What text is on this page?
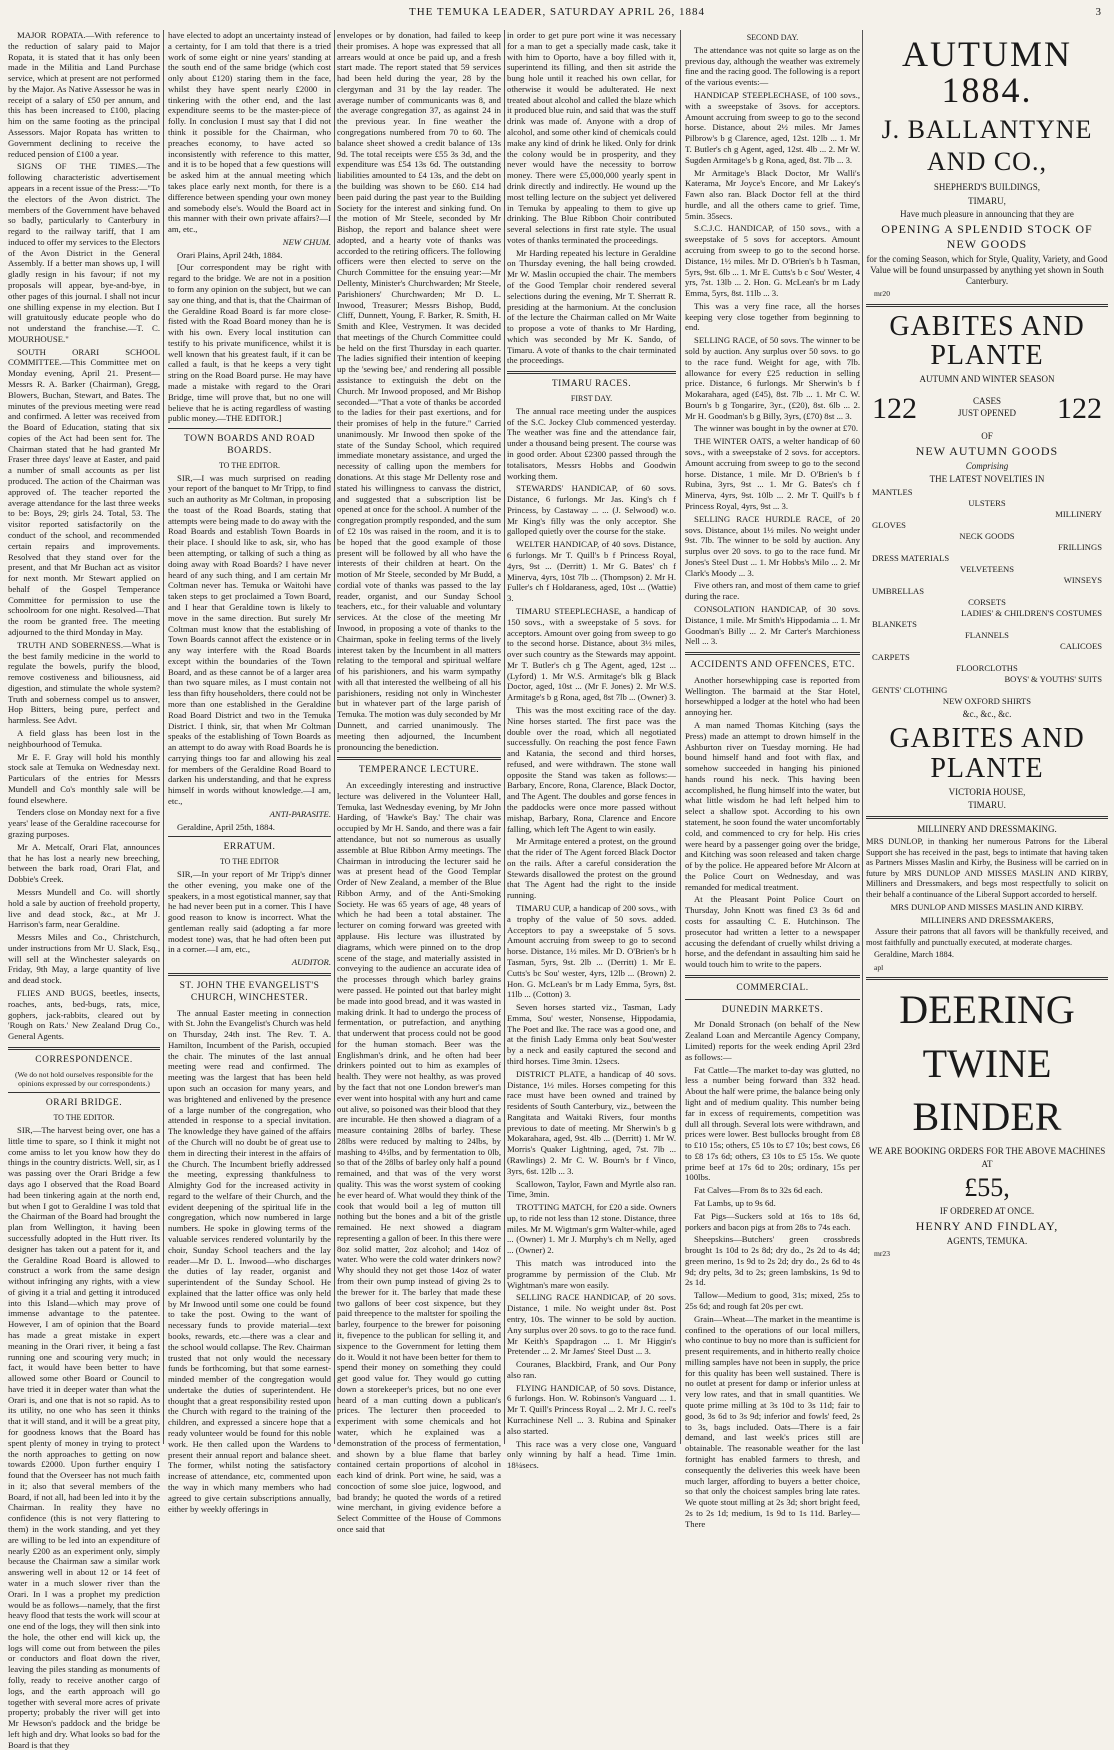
THE TEMUKA LEADER, SATURDAY APRIL 26, 1884	3

MAJOR ROPATA.—With reference to the reduction of salary paid to Major Ropata, it is stated that it has only been made in the Militia and Land Purchase service, which at present are not performed by the Major. As Native Assessor he was in receipt of a salary of £50 per annum, and this has been increased to £100, placing him on the same footing as the principal Assessors. Major Ropata has written to Government declining to receive the reduced pension of £100 a year.

SIGNS OF THE TIMES.—The following characteristic advertisement appears in a recent issue of the Press:—"To the electors of the Avon district. The members of the Government have behaved so badly, particularly to Canterbury in regard to the railway tariff, that I am induced to offer my services to the Electors of the Avon District in the General Assembly. If a better man shows up, I will gladly resign in his favour; if not my proposals will appear, bye-and-bye, in other pages of this journal. I shall not incur one shilling expense in my election. But I will gratuitously educate people who do not understand the franchise.—T. C. MOURHOUSE."

SOUTH ORARI SCHOOL COMMITTEE.—This Committee met on Monday evening, April 21. Present—Messrs R. A. Barker (Chairman), Gregg, Blowers, Buchan, Stewart, and Bates. The minutes of the previous meeting were read and confirmed. A letter was received from the Board of Education, stating that six copies of the Act had been sent for. The Chairman stated that he had granted Mr Fraser three days' leave at Easter, and paid a number of small accounts as per list produced. The action of the Chairman was approved of. The teacher reported the average attendance for the last three weeks to be: Boys, 29; girls 24. Total, 53. The visitor reported satisfactorily on the conduct of the school, and recommended certain repairs and improvements. Resolved that they stand over for the present, and that Mr Buchan act as visitor for next month. Mr Stewart applied on behalf of the Gospel Temperance Committee for permission to use the schoolroom for one night. Resolved—That the room be granted free. The meeting adjourned to the third Monday in May.

TRUTH AND SOBERNESS.—What is the best family medicine in the world to regulate the bowels, purify the blood, remove costiveness and biliousness, aid digestion, and stimulate the whole system? Truth and soberness compel us to answer, Hop Bitters, being pure, perfect and harmless. See Advt.

A field glass has been lost in the neighbourhood of Temuka.

Mr E. F. Gray will hold his monthly stock sale at Temuka on Wednesday next. Particulars of the entries for Messrs Mundell and Co's monthly sale will be found elsewhere.

Tenders close on Monday next for a five years' lease of the Geraldine racecourse for grazing purposes.

Mr A. Metcalf, Orari Flat, announces that he has lost a nearly new breeching, between the bark road, Orari Flat, and Dobbie's Creek.

Messrs Mundell and Co. will shortly hold a sale by auction of freehold property, live and dead stock, &c., at Mr J. Harrison's farm, near Geraldine.

Messrs Miles and Co., Christchurch, under instructions from Mr U. Slack, Esq., will sell at the Winchester saleyards on Friday, 9th May, a large quantity of live and dead stock.

FLIES AND BUGS, beetles, insects, roaches, ants, bed-bugs, rats, mice, gophers, jack-rabbits, cleared out by 'Rough on Rats.' New Zealand Drug Co., General Agents.

CORRESPONDENCE.

(We do not hold ourselves responsible for the opinions expressed by our correspondents.)

ORARI BRIDGE.
TO THE EDITOR.

SIR,—The harvest being over, one has a little time to spare, so I think it might not come amiss to let you know how they do things in the country districts. Well, sir, as I was passing over the Orari Bridge a few days ago I observed that the Road Board had been tinkering again at the north end, but when I got to Geraldine I was told that the Chairman of the Board had brought the plan from Wellington, it having been successfully adopted in the Hutt river. Its designer has taken out a patent for it, and the Geraldine Road Board is allowed to construct a work from the same design without infringing any rights, with a view of giving it a trial and getting it introduced into this Island—which may prove of immense advantage to the patentee. However, I am of opinion that the Board has made a great mistake in expert meaning in the Orari river, it being a fast running one and scouring very much; in fact, it would have been better to have allowed some other Board or Council to have tried it in deeper water than what the Orari is, and one that is not so rapid. As to its utility, no one who has seen it thinks that it will stand, and it will be a great pity, for goodness knows that the Board has spent plenty of money in trying to protect the north approaches to getting on now towards £2000. Upon further enquiry I found that the Overseer has not much faith in it; also that several members of the Board, if not all, had been led into it by the Chairman. In reality they have no confidence (this is not very flattering to them) in the work standing, and yet they are willing to be led into an expenditure of nearly £200 as an experiment only, simply because the Chairman saw a similar work answering well in about 12 or 14 feet of water in a much slower river than the Orari. In I was a prophet my prediction would be as follows—namely, that the first heavy flood that tests the work will scour at one end of the logs, they will then sink into the hole, the other end will kick up, the logs will come out from between the piles or conductors and float down the river, leaving the piles standing as monuments of folly, ready to receive another cargo of logs, and the earth approach will go together with several more acres of private property; probably the river will get into Mr Hewson's paddock and the bridge be left high and dry. What looks so bad for the Board is that they

have elected to adopt an uncertainty instead of a certainty, for I am told that there is a tried work of some eight or nine years' standing at the south end of the same bridge (which cost only about £120) staring them in the face, whilst they have spent nearly £2000 in tinkering with the other end, and the last expenditure seems to be the master-piece of folly. In conclusion I must say that I did not think it possible for the Chairman, who preaches economy, to have acted so inconsistently with reference to this matter, and it is to be hoped that a few questions will be asked him at the annual meeting which takes place early next month, for there is a difference between spending your own money and somebody else's. Would the Board act in this manner with their own private affairs?—I am, etc.,

NEW CHUM.

Orari Plains, April 24th, 1884.

[Our correspondent may be right with regard to the bridge. We are not in a position to form any opinion on the subject, but we can say one thing, and that is, that the Chairman of the Geraldine Road Board is far more close-fisted with the Road Board money than he is with his own. Every local institution can testify to his private munificence, whilst it is well known that his greatest fault, if it can be called a fault, is that he keeps a very tight string on the Road Board purse. He may have made a mistake with regard to the Orari Bridge, time will prove that, but no one will believe that he is acting regardless of wasting public money.—THE EDITOR.]

TOWN BOARDS AND ROAD BOARDS.
TO THE EDITOR.

SIR,—I was much surprised on reading your report of the banquet to Mr Tripp, to find such an authority as Mr Coltman, in proposing the toast of the Road Boards, stating that attempts were being made to do away with the Road Boards and establish Town Boards in their place. I should like to ask, sir, who has been attempting, or talking of such a thing as doing away with Road Boards? I have never heard of any such thing, and I am certain Mr Coltman never has. Temuka or Waitohi have taken steps to get proclaimed a Town Board, and I hear that Geraldine town is likely to move in the same direction. But surely Mr Coltman must know that the establishing of Town Boards cannot affect the existence or in any way interfere with the Road Boards except within the boundaries of the Town Board, and as these cannot be of a larger area than two square miles, as I must contain not less than fifty householders, there could not be more than one established in the Geraldine Road Board District and two in the Temuka District. I think, sir, that when Mr Coltman speaks of the establishing of Town Boards as an attempt to do away with Road Boards he is carrying things too far and allowing his zeal for members of the Geraldine Road Board to darken his understanding, and that he express himself in words without knowledge.—I am, etc.,

ANTI-PARASITE.

Geraldine, April 25th, 1884.

ERRATUM.
TO THE EDITOR

SIR,—In your report of Mr Tripp's dinner the other evening, you make one of the speakers, in a most egotistical manner, say that he had never been put in a corner. This I have good reason to know is incorrect. What the gentleman really said (adopting a far more modest tone) was, that he had often been put in a corner.—I am, etc.,

AUDITOR.

ST. JOHN THE EVANGELIST'S CHURCH, WINCHESTER.

The annual Easter meeting in connection with St. John the Evangelist's Church was held on Thursday, 24th inst. The Rev. T. A. Hamilton, Incumbent of the Parish, occupied the chair. The minutes of the last annual meeting were read and confirmed. The meeting was the largest that has been held upon such an occasion for many years, and was brightened and enlivened by the presence of a large number of the congregation, who attended in response to a special invitation. The knowledge they have gained of the affairs of the Church will no doubt be of great use to them in directing their interest in the affairs of the Church. The Incumbent briefly addressed the meeting, expressing thankfulness to Almighty God for the increased activity in regard to the welfare of their Church, and the evident deepening of the spiritual life in the congregation, which now numbered in large numbers. He spoke in glowing terms of the valuable services rendered voluntarily by the choir, Sunday School teachers and the lay reader—Mr D. L. Inwood—who discharges the duties of lay reader, organist and superintendent of the Sunday School. He explained that the latter office was only held by Mr Inwood until some one could be found to take the post. Owing to the want of necessary funds to provide material—text books, rewards, etc.—there was a clear and the school would collapse. The Rev. Chairman trusted that not only would the necessary funds be forthcoming, but that some earnest-minded member of the congregation would undertake the duties of superintendent. He thought that a great responsibility rested upon the Church with regard to the training of the children, and expressed a sincere hope that a ready volunteer would be found for this noble work. He then called upon the Wardens to present their annual report and balance sheet. The former, whilst noting the satisfactory increase of attendance, etc, commented upon the way in which many members who had agreed to give certain subscriptions annually, either by weekly offerings in

envelopes or by donation, had failed to keep their promises. A hope was expressed that all arrears would at once be paid up, and a fresh start made. The report stated that 59 services had been held during the year, 28 by the clergyman and 31 by the lay reader. The average number of communicants was 8, and the average congregation 37, as against 24 in the previous year. In fine weather the congregations numbered from 70 to 60. The balance sheet showed a credit balance of 13s 9d. The total receipts were £55 3s 3d, and the expenditure was £54 13s 6d. The outstanding liabilities amounted to £4 13s, and the debt on the building was shown to be £60. £14 had been paid during the past year to the Building Society for the interest and sinking fund. On the motion of Mr Steele, seconded by Mr Bishop, the report and balance sheet were adopted, and a hearty vote of thanks was accorded to the retiring officers. The following officers were then elected to serve on the Church Committee for the ensuing year:—Mr Dellenty, Minister's Churchwarden; Mr Steele, Parishioners' Churchwarden; Mr D. L. Inwood, Treasurer; Messrs Bishop, Budd, Cliff, Dunnett, Young, F. Barker, R. Smith, H. Smith and Klee, Vestrymen. It was decided that meetings of the Church Committee could be held on the first Thursday in each quarter. The ladies signified their intention of keeping up the 'sewing bee,' and rendering all possible assistance to extinguish the debt on the Church. Mr Inwood proposed, and Mr Bishop seconded—"That a vote of thanks be accorded to the ladies for their past exertions, and for their promises of help in the future." Carried unanimously. Mr Inwood then spoke of the state of the Sunday School, which required immediate monetary assistance, and urged the necessity of calling upon the members for donations. At this stage Mr Dellenty rose and stated his willingness to canvass the district, and suggested that a subscription list be opened at once for the school. A number of the congregation promptly responded, and the sum of £2 10s was raised in the room, and it is to be hoped that the good example of those present will be followed by all who have the interests of their children at heart. On the motion of Mr Steele, seconded by Mr Budd, a cordial vote of thanks was passed to the lay reader, organist, and our Sunday School teachers, etc., for their valuable and voluntary services. At the close of the meeting Mr Inwood, in proposing a vote of thanks to the Chairman, spoke in feeling terms of the lively interest taken by the Incumbent in all matters relating to the temporal and spiritual welfare of his parishioners, and his warm sympathy with all that interested the wellbeing of all his parishioners, residing not only in Winchester but in whatever part of the large parish of Temuka. The motion was duly seconded by Mr Dunnett, and carried unanimously. The meeting then adjourned, the Incumbent pronouncing the benediction.

TEMPERANCE LECTURE.

An exceedingly interesting and instructive lecture was delivered in the Volunteer Hall, Temuka, last Wednesday evening, by Mr John Harding, of 'Hawke's Bay.' The chair was occupied by Mr H. Sando, and there was a fair attendance, but not so numerous as usually assemble at Blue Ribbon Army meetings. The Chairman in introducing the lecturer said he was at present head of the Good Templar Order of New Zealand, a member of the Blue Ribbon Army, and of the Anti-Smoking Society. He was 65 years of age, 48 years of which he had been a total abstainer. The lecturer on coming forward was greeted with applause. His lecture was illustrated by diagrams, which were pinned on to the drop scene of the stage, and materially assisted in conveying to the audience an accurate idea of the processes through which barley grains were passed. He pointed out that barley might be made into good bread, and it was wasted in making drink. It had to undergo the process of fermentation, or putrefaction, and anything that underwent that process could not be good for the human stomach. Beer was the Englishman's drink, and he often had beer drinkers pointed out to him as examples of health. They were not healthy, as was proved by the fact that not one London brewer's man ever went into hospital with any hurt and came out alive, so poisoned was their blood that they are incurable. He then showed a diagram of a measure containing 28lbs of barley. These 28lbs were reduced by malting to 24lbs, by mashing to 4½lbs, and by fermentation to 0lb, so that of the 28lbs of barley only half a pound remained, and that was of the very worst quality. This was the worst system of cooking he ever heard of. What would they think of the cook that would boil a leg of mutton till nothing but the bones and a bit of the gristle remained. He next showed a diagram representing a gallon of beer. In this there were 8oz solid matter, 2oz alcohol; and 14oz of water. Who were the cold water drinkers now? Why should they not get those 14oz of water from their own pump instead of giving 2s to the brewer for it. The barley that made these two gallons of beer cost sixpence, but they paid threepence to the maltster for spoiling the barley, fourpence to the brewer for poisoning it, fivepence to the publican for selling it, and sixpence to the Government for letting them do it. Would it not have been better for them to spend their money on something they could get good value for. They would go cutting down a storekeeper's prices, but no one ever heard of a man cutting down a publican's prices. The lecturer then proceeded to experiment with some chemicals and hot water, which he explained was a demonstration of the process of fermentation, and shown by a blue flame that barley contained certain proportions of alcohol in each kind of drink. Port wine, he said, was a concoction of some sloe juice, logwood, and bad brandy; he quoted the words of a retired wine merchant, in giving evidence before a Select Committee of the House of Commons once said that

in order to get pure port wine it was necessary for a man to get a specially made cask, take it with him to Oporto, have a boy filled with it, superintend its filling, and then sit astride the bung hole until it reached his own cellar, for otherwise it would be adulterated. He next treated about alcohol and called the blaze which it produced blue ruin, and said that was the stuff drink was made of. Anyone with a drop of alcohol, and some other kind of chemicals could make any kind of drink he liked. Only for drink the colony would be in prosperity, and they never would have the necessity to borrow money. There were £5,000,000 yearly spent in drink directly and indirectly. He wound up the most telling lecture on the subject yet delivered in Temuka by appealing to them to give up drinking. The Blue Ribbon Choir contributed several selections in first rate style. The usual votes of thanks terminated the proceedings.

Mr Harding repeated his lecture in Geraldine on Thursday evening, the hall being crowded. Mr W. Maslin occupied the chair. The members of the Good Templar choir rendered several selections during the evening, Mr T. Sherratt R. presiding at the harmonium. At the conclusion of the lecture the Chairman called on Mr Waite to propose a vote of thanks to Mr Harding, which was seconded by Mr K. Sando, of Timaru. A vote of thanks to the chair terminated the proceedings.

TIMARU RACES.
FIRST DAY.

The annual race meeting under the auspices of the S.C. Jockey Club commenced yesterday. The weather was fine and the attendance fair, under a thousand being present. The course was in good order. About £2300 passed through the totalisators, Messrs Hobbs and Goodwin working them.

STEWARDS' HANDICAP, of 60 sovs. Distance, 6 furlongs. Mr Jas. King's ch f Princess, by Castaway ... ... (J. Selwood) w.o. Mr King's filly was the only acceptor. She galloped quietly over the course for the stake.

WELTER HANDICAP, of 40 sovs. Distance, 6 furlongs. Mr T. Quill's b f Princess Royal, 4yrs, 9st ... (Derritt) 1. Mr G. Bates' ch f Minerva, 4yrs, 10st 7lb ... (Thompson) 2. Mr H. Fuller's ch f Holdaraness, aged, 10st ... (Wattie) 3.

TIMARU STEEPLECHASE, a handicap of 150 sovs., with a sweepstake of 5 sovs. for acceptors. Amount over going from sweep to go to the second horse. Distance, about 3½ miles, over such country as the Stewards may appoint. Mr T. Butler's ch g The Agent, aged, 12st ... (Lyford) 1. Mr W.S. Armitage's blk g Black Doctor, aged, 10st ... (Mr F. Jones) 2. Mr W.S. Armitage's b g Rona, aged, 8st 7lb ... (Owner) 3.

This was the most exciting race of the day. Nine horses started. The first pace was the double over the road, which all negotiated successfully. On reaching the post fence Fawn and Katania, the second and third horses, refused, and were withdrawn. The stone wall opposite the Stand was taken as follows:—Barbary, Encore, Rona, Clarence, Black Doctor, and The Agent. The doubles and gorse fences in the paddocks were once more passed without mishap, Barbary, Rona, Clarence and Encore falling, which left The Agent to win easily.

Mr Armitage entered a protest, on the ground that the rider of The Agent forced Black Doctor on the rails. After a careful consideration the Stewards disallowed the protest on the ground that The Agent had the right to the inside running.

TIMARU CUP, a handicap of 200 sovs., with a trophy of the value of 50 sovs. added. Acceptors to pay a sweepstake of 5 sovs. Amount accruing from sweep to go to second horse. Distance, 1½ miles. Mr D. O'Brien's br h Tasman, 5yrs, 9st. 2lb ... (Derritt) 1. Mr E. Cutts's bc Sou' wester, 4yrs, 12lb ... (Brown) 2. Hon. G. McLean's br m Lady Emma, 5yrs, 8st. 11lb ... (Cotton) 3.

Seven horses started viz., Tasman, Lady Emma, Sou' wester, Nonsense, Hippodamia, The Poet and Ike. The race was a good one, and at the finish Lady Emma only beat Sou'wester by a neck and easily captured the second and third horses. Time 3min. 12secs.

DISTRICT PLATE, a handicap of 40 sovs. Distance, 1½ miles. Horses competing for this race must have been owned and trained by residents of South Canterbury, viz., between the Rangitata and Waitaki Rivers, four months previous to date of meeting. Mr Sherwin's b g Mokarahara, aged, 9st. 4lb ... (Derritt) 1. Mr W. Morris's Quaker Lightning, aged, 7st. 7lb ... (Rawlings) 2. Mr C. W. Bourn's br f Vinco, 3yrs, 6st. 12lb ... 3.

Scallowon, Taylor, Fawn and Myrtle also ran. Time, 3min.

TROTTING MATCH, for £20 a side. Owners up, to ride not less than 12 stone. Distance, three miles. Mr M. Wigtman's grm Walter-while, aged ... (Owner) 1. Mr J. Murphy's ch m Nelly, aged ... (Owner) 2.

This match was introduced into the programme by permission of the Club. Mr Wightman's mare won easily.

SELLING RACE HANDICAP, of 20 sovs. Distance, 1 mile. No weight under 8st. Post entry, 10s. The winner to be sold by auction. Any surplus over 20 sovs. to go to the race fund. Mr Keith's Spapdragon ... 1. Mr Higgin's Pretender ... 2. Mr James' Steel Dust ... 3.

Couranes, Blackbird, Frank, and Our Pony also ran.

FLYING HANDICAP, of 50 sovs. Distance, 6 furlongs. Hon. W. Robinson's Vanguard ... 1. Mr T. Quill's Princess Royal ... 2. Mr J. C. reel's Kurrachinese Nell ... 3. Rubina and Spinaker also started.

This race was a very close one, Vanguard only winning by half a head. Time 1min. 18¼secs.

SECOND DAY.

The attendance was not quite so large as on the previous day, although the weather was extremely fine and the racing good. The following is a report of the various events:—

HANDICAP STEEPLECHASE, of 100 sovs., with a sweepstake of 3sovs. for acceptors. Amount accruing from sweep to go to the second horse. Distance, about 2½ miles. Mr James Pilbrow's b g Clarence, aged, 12st. 12lb ... 1. Mr T. Butler's ch g Agent, aged, 12st. 4lb ... 2. Mr W. Sugden Armitage's b g Rona, aged, 8st. 7lb ... 3.

Mr Armitage's Black Doctor, Mr Walli's Katerama, Mr Joyce's Encore, and Mr Lakey's Fawn also ran. Black Doctor fell at the third hurdle, and all the others came to grief. Time, 5min. 35secs.

S.C.J.C. HANDICAP, of 150 sovs., with a sweepstake of 5 sovs for acceptors. Amount accruing from sweep to go to the second horse. Distance, 1½ miles. Mr D. O'Brien's b h Tasman, 5yrs, 9st. 6lb ... 1. Mr E. Cutts's b c Sou' Wester, 4 yrs, 7st. 13lb ... 2. Hon. G. McLean's br m Lady Emma, 5yrs, 8st. 11lb ... 3.

This was a very fine race, all the horses keeping very close together from beginning to end.

SELLING RACE, of 50 sovs. The winner to be sold by auction. Any surplus over 50 sovs. to go to the race fund. Weight for age, with 7lb. allowance for every £25 reduction in selling price. Distance, 6 furlongs. Mr Sherwin's b f Mokarahara, aged (£45), 8st. 7lb ... 1. Mr C. W. Bourn's b g Tongarire, 3yr., (£20), 8st. 6lb ... 2. Mr H. Goodman's b g Billy, 3yrs, (£70) 8st ... 3.

The winner was bought in by the owner at £70.

THE WINTER OATS, a welter handicap of 60 sovs., with a sweepstake of 2 sovs. for acceptors. Amount accruing from sweep to go to the second horse. Distance, 1 mile. Mr D. O'Brien's b f Rubina, 3yrs, 9st ... 1. Mr G. Bates's ch f Minerva, 4yrs, 9st. 10lb ... 2. Mr T. Quill's b f Princess Royal, 4yrs, 9st ... 3.

SELLING RACE HURDLE RACE, of 20 sovs. Distance, about 1½ miles. No weight under 9st. 7lb. The winner to be sold by auction. Any surplus over 20 sovs. to go to the race fund. Mr Jones's Steel Dust ... 1. Mr Hobbs's Milo ... 2. Mr Clark's Moody ... 3.

Five others ran, and most of them came to grief during the race.

CONSOLATION HANDICAP, of 30 sovs. Distance, 1 mile. Mr Smith's Hippodamia ... 1. Mr Goodman's Billy ... 2. Mr Carter's Marchioness Nell ... 3.

ACCIDENTS AND OFFENCES, ETC.

Another horsewhipping case is reported from Wellington. The barmaid at the Star Hotel, horsewhipped a lodger at the hotel who had been annoying her.

A man named Thomas Kitching (says the Press) made an attempt to drown himself in the Ashburton river on Tuesday morning. He had bound himself hand and foot with flax, and somehow succeeded in hanging his pinioned hands round his neck. This having been accomplished, he flung himself into the water, but what little wisdom he had left helped him to select a shallow spot. According to his own statement, he soon found the water uncomfortably cold, and commenced to cry for help. His cries were heard by a passenger going over the bridge, and Kitching was soon released and taken charge of by the police. He appeared before Mr Alcorn at the Police Court on Wednesday, and was remanded for medical treatment.

At the Pleasant Point Police Court on Thursday, John Knott was fined £3 3s 6d and costs for assaulting C. E. Hutchinson. The prosecutor had written a letter to a newspaper accusing the defendant of cruelly whilst driving a horse, and the defendant in assaulting him said he would touch him to write to the papers.

COMMERCIAL.
DUNEDIN MARKETS.

Mr Donald Stronach (on behalf of the New Zealand Loan and Mercantile Agency Company, Limited) reports for the week ending April 23rd as follows:—

Fat Cattle—The market to-day was glutted, no less a number being forward than 332 head. About the half were prime, the balance being only light and of medium quality. This number being far in excess of requirements, competition was dull all through. Several lots were withdrawn, and prices were lower. Best bullocks brought from £8 to £10 15s; others, £5 10s to £7 10s; best cows, £6 to £8 17s 6d; others, £3 10s to £5 15s. We quote prime beef at 17s 6d to 20s; ordinary, 15s per 100lbs.

Fat Calves—From 8s to 32s 6d each.

Fat Lambs, up to 9s 6d.

Fat Pigs—Suckers sold at 16s to 18s 6d, porkers and bacon pigs at from 28s to 74s each.

Sheepskins—Butchers' green crossbreds brought 1s 10d to 2s 8d; dry do., 2s 2d to 4s 4d; green merino, 1s 9d to 2s 2d; dry do., 2s 6d to 4s 9d; dry pelts, 3d to 2s; green lambskins, 1s 9d to 2s 1d.

Tallow—Medium to good, 31s; mixed, 25s to 25s 6d; and rough fat 20s per cwt.

Grain—Wheat—The market in the meantime is confined to the operations of our local millers, who continue to buy no more than is sufficient for present requirements, and in hitherto really choice milling samples have not been in supply, the price for this quality has been well sustained. There is no outlet at present for damp or inferior unless at very low rates, and that in small quantities. We quote prime milling at 3s 10d to 3s 11d; fair to good, 3s 6d to 3s 9d; inferior and fowls' feed, 2s to 3s, bags included. Oats—There is a fair demand, and last week's prices still are obtainable. The reasonable weather for the last fortnight has enabled farmers to thresh, and consequently the deliveries this week have been much larger, affording to buyers a better choice, so that only the choicest samples bring late rates. We quote stout milling at 2s 3d; short bright feed, 2s to 2s 1d; medium, 1s 9d to 1s 11d. Barley—There

AUTUMN 1884.
J. BALLANTYNE AND CO.,
SHEPHERD'S BUILDINGS,
TIMARU,
Have much pleasure in announcing that they are
OPENING A SPLENDID STOCK OF NEW GOODS
for the coming Season, which for Style, Quality, Variety, and Good Value will be found unsurpassed by anything yet shown in South Canterbury.
mr20
GABITES AND PLANTE
AUTUMN AND WINTER SEASON
122	CASES
JUST OPENED 122
OF
NEW AUTUMN GOODS
Comprising
THE LATEST NOVELTIES IN
MANTLES
ULSTERS
MILLINERY
GLOVES
NECK GOODS
FRILLINGS
DRESS MATERIALS
VELVETEENS
WINSEYS
UMBRELLAS
CORSETS
LADIES' & CHILDREN'S COSTUMES
BLANKETS
FLANNELS
CALICOES
CARPETS
FLOORCLOTHS
BOYS' & YOUTHS' SUITS
GENTS' CLOTHING
NEW OXFORD SHIRTS
&c., &c., &c.
GABITES AND PLANTE
VICTORIA HOUSE,
TIMARU.
MILLINERY AND DRESSMAKING.

MRS DUNLOP, in thanking her numerous Patrons for the Liberal Support she has received in the past, begs to intimate that having taken as Partners Misses Maslin and Kirby, the Business will be carried on in future by MRS DUNLOP AND MISSES MASLIN AND KIRBY, Milliners and Dressmakers, and begs most respectfully to solicit on their behalf a continuance of the Liberal Support accorded to herself.

MRS DUNLOP AND MISSES MASLIN AND KIRBY.
MILLINERS AND DRESSMAKERS,

Assure their patrons that all favors will be thankfully received, and most faithfully and punctually executed, at moderate charges.

Geraldine, March 1884.
apl
DEERING
TWINE
BINDER
WE ARE BOOKING ORDERS FOR THE ABOVE MACHINES
AT
£55,
IF ORDERED AT ONCE.
HENRY AND FINDLAY,
AGENTS, TEMUKA.
mr23
